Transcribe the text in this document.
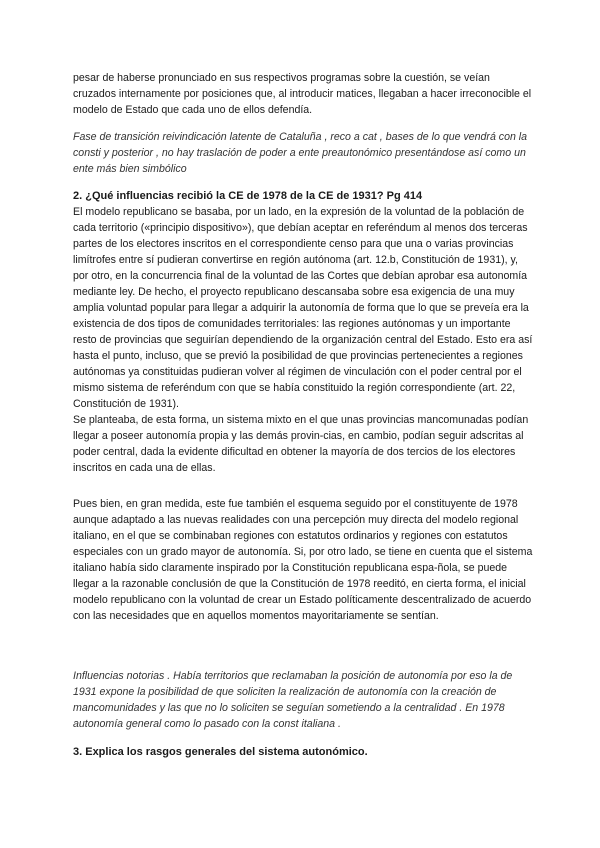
pesar de haberse pronunciado en sus respectivos programas sobre la cuestión, se veían cruzados internamente por posiciones que, al introducir matices, llegaban a hacer irreconocible el modelo de Estado que cada uno de ellos defendía.

Fase de transición reivindicación latente de Cataluña , reco a cat , bases de lo que vendrá con la consti y posterior , no hay traslación de poder a ente preautonómico presentándose así como un ente más bien simbólico

2. ¿Qué influencias recibió la CE de 1978 de la CE de 1931? Pg 414

El modelo republicano se basaba, por un lado, en la expresión de la voluntad de la población de cada territorio («principio dispositivo»), que debían aceptar en referéndum al menos dos terceras partes de los electores inscritos en el correspondiente censo para que una o varias provincias limítrofes entre sí pudieran convertirse en región autónoma (art. 12.b, Constitución de 1931), y, por otro, en la concurrencia final de la voluntad de las Cortes que debían aprobar esa autonomía mediante ley. De hecho, el proyecto republicano descansaba sobre esa exigencia de una muy amplia voluntad popular para llegar a adquirir la autonomía de forma que lo que se preveía era la existencia de dos tipos de comunidades territoriales: las regiones autónomas y un importante resto de provincias que seguirían dependiendo de la organización central del Estado. Esto era así hasta el punto, incluso, que se previó la posibilidad de que provincias pertenecientes a regiones autónomas ya constituidas pudieran volver al régimen de vinculación con el poder central por el mismo sistema de referéndum con que se había constituido la región correspondiente (art. 22, Constitución de 1931).

Se planteaba, de esta forma, un sistema mixto en el que unas provincias mancomunadas podían llegar a poseer autonomía propia y las demás provin-cias, en cambio, podían seguir adscritas al poder central, dada la evidente dificultad en obtener la mayoría de dos tercios de los electores inscritos en cada una de ellas.

Pues bien, en gran medida, este fue también el esquema seguido por el constituyente de 1978 aunque adaptado a las nuevas realidades con una percepción muy directa del modelo regional italiano, en el que se combinaban regiones con estatutos ordinarios y regiones con estatutos especiales con un grado mayor de autonomía. Si, por otro lado, se tiene en cuenta que el sistema italiano había sido claramente inspirado por la Constitución republicana espa-ñola, se puede llegar a la razonable conclusión de que la Constitución de 1978 reeditó, en cierta forma, el inicial modelo republicano con la voluntad de crear un Estado políticamente descentralizado de acuerdo con las necesidades que en aquellos momentos mayoritariamente se sentían.

Influencias notorias . Había territorios que reclamaban la posición de autonomía por eso la de 1931 expone la posibilidad de que soliciten la realización de autonomía con la creación de mancomunidades y las que no lo soliciten se seguían sometiendo a la centralidad . En 1978 autonomía general como lo pasado con la const italiana .

3. Explica los rasgos generales del sistema autonómico.
